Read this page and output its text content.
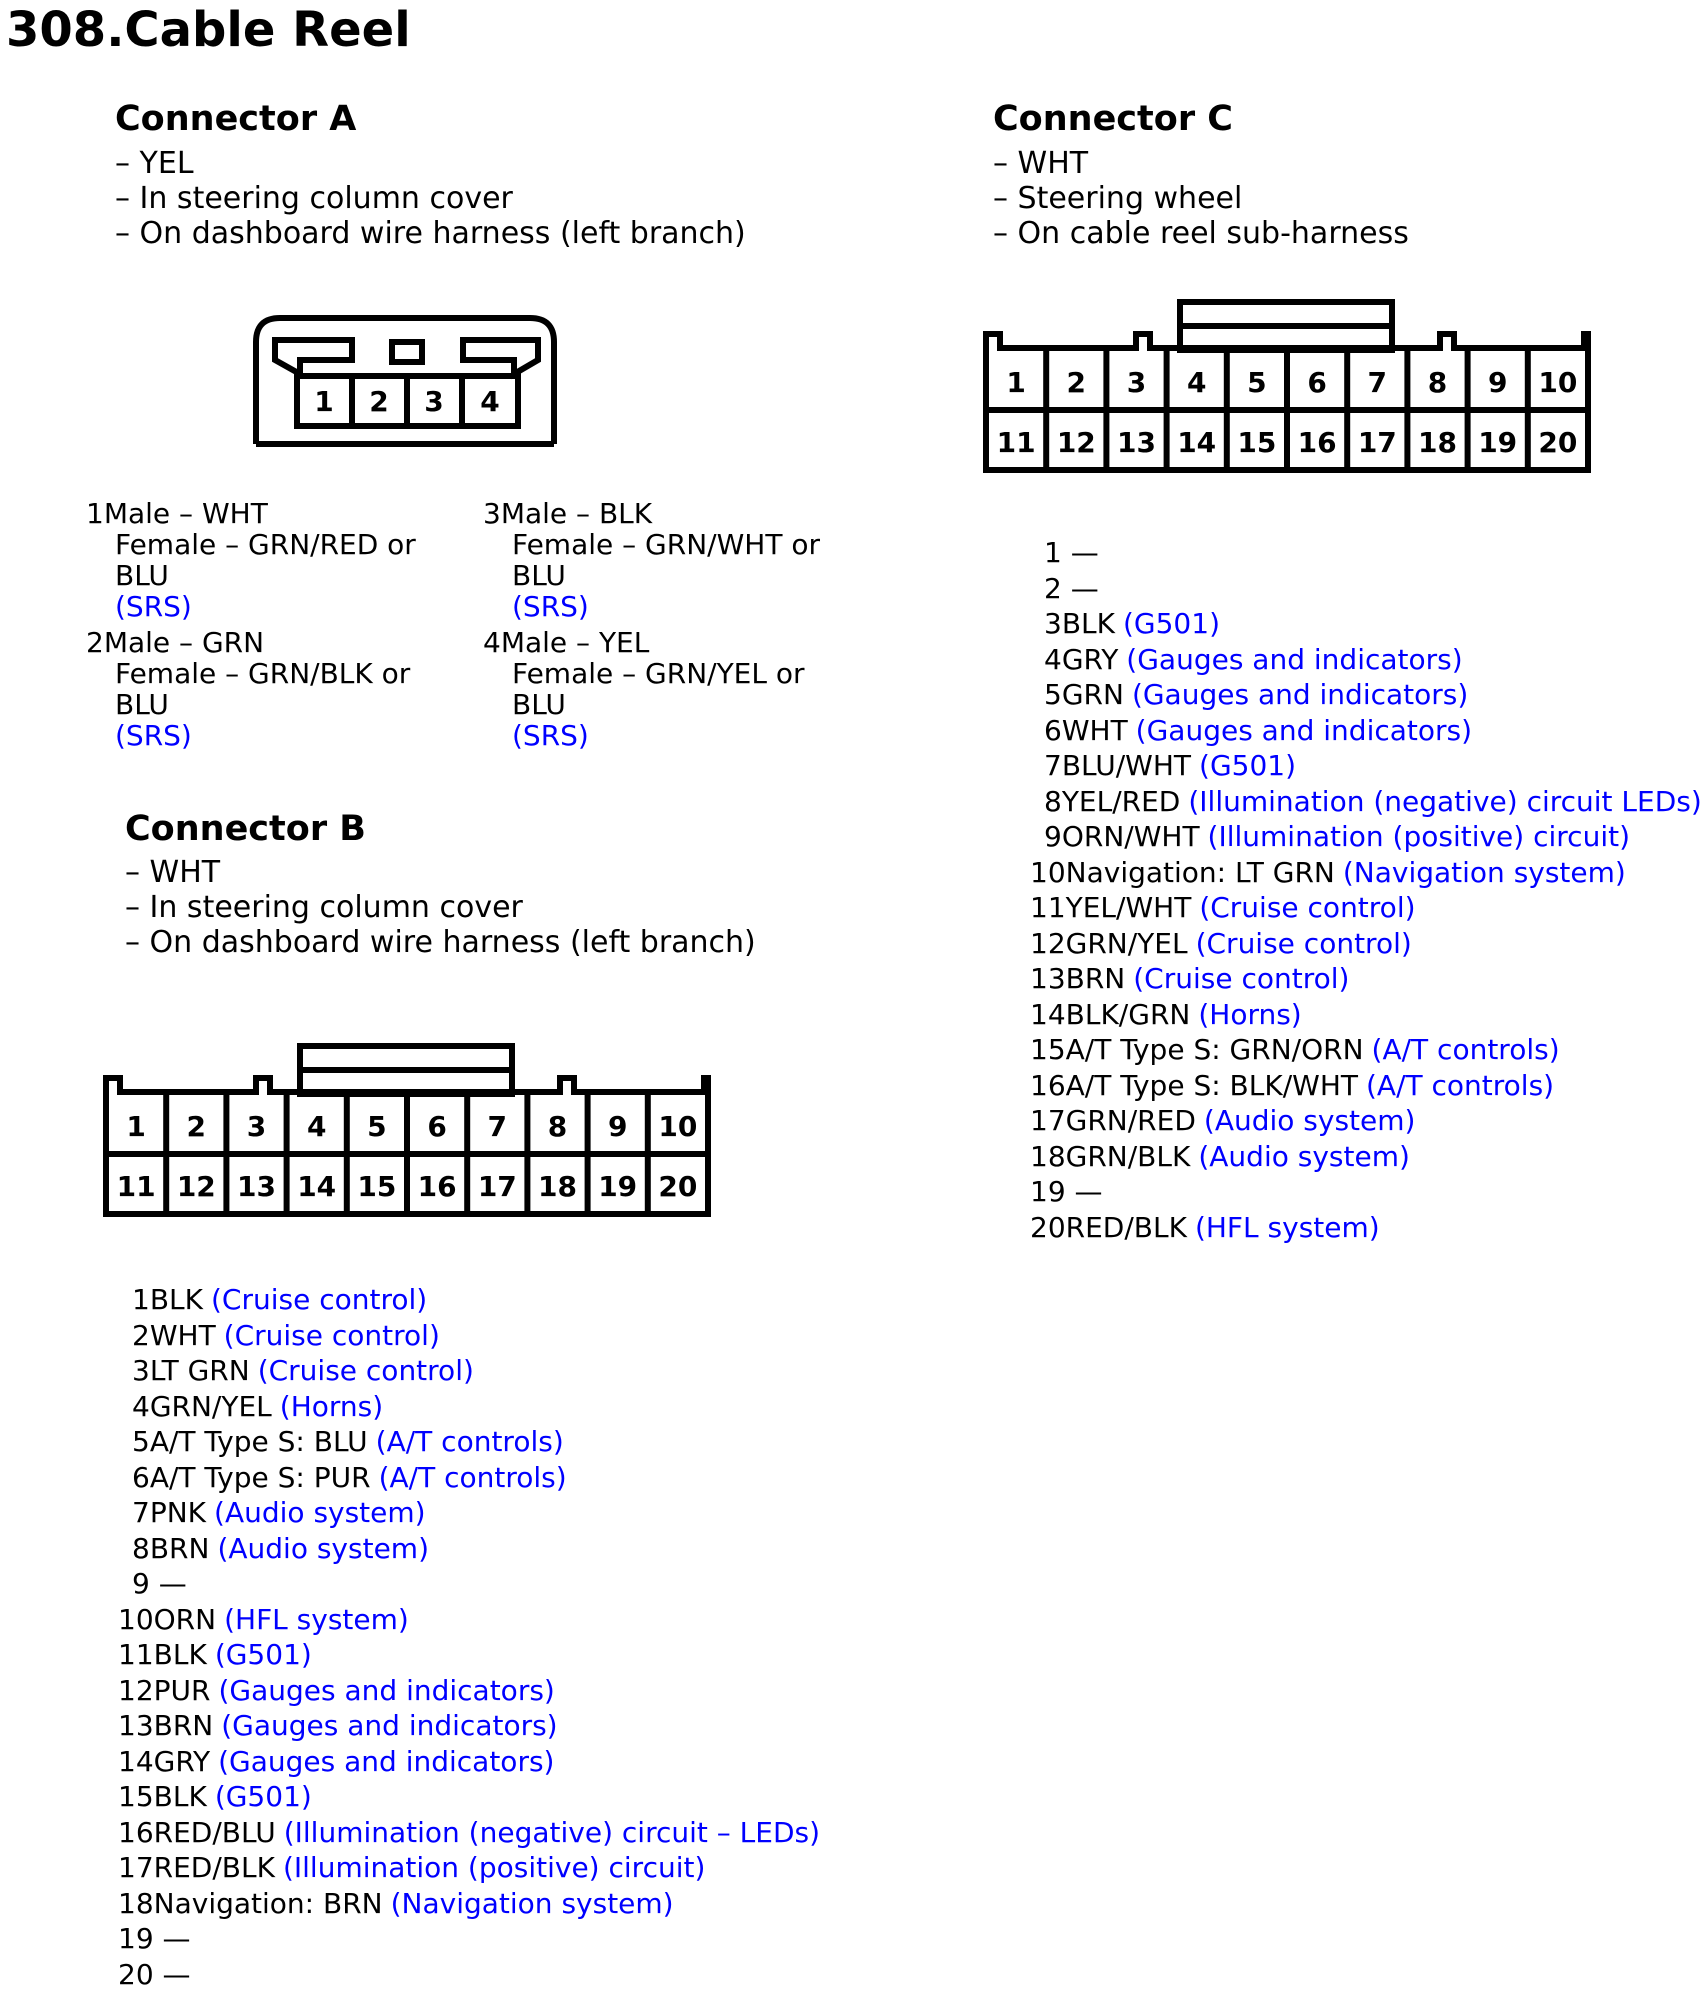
308.Cable Reel
Connector A
– YEL
– In steering column cover
– On dashboard wire harness (left branch)
1 2 3 4
1Male – WHT
Female – GRN/RED or
BLU
(SRS)
2Male – GRN
Female – GRN/BLK or
BLU
(SRS)
3Male – BLK
Female – GRN/WHT or
BLU
(SRS)
4Male – YEL
Female – GRN/YEL or
BLU
(SRS)
Connector B
– WHT
– In steering column cover
– On dashboard wire harness (left branch)
1 2 3 4 5 6 7 8 9 10
11 12 13 14 15 16 17 18 19 20
1BLK (Cruise control)
2WHT (Cruise control)
3LT GRN (Cruise control)
4GRN/YEL (Horns)
5A/T Type S: BLU (A/T controls)
6A/T Type S: PUR (A/T controls)
7PNK (Audio system)
8BRN (Audio system)
9 —
10ORN (HFL system)
11BLK (G501)
12PUR (Gauges and indicators)
13BRN (Gauges and indicators)
14GRY (Gauges and indicators)
15BLK (G501)
16RED/BLU (Illumination (negative) circuit – LEDs)
17RED/BLK (Illumination (positive) circuit)
18Navigation: BRN (Navigation system)
19 —
20 —
Connector C
– WHT
– Steering wheel
– On cable reel sub-harness
1 2 3 4 5 6 7 8 9 10
11 12 13 14 15 16 17 18 19 20
1 —
2 —
3BLK (G501)
4GRY (Gauges and indicators)
5GRN (Gauges and indicators)
6WHT (Gauges and indicators)
7BLU/WHT (G501)
8YEL/RED (Illumination (negative) circuit LEDs)
9ORN/WHT (Illumination (positive) circuit)
10Navigation: LT GRN (Navigation system)
11YEL/WHT (Cruise control)
12GRN/YEL (Cruise control)
13BRN (Cruise control)
14BLK/GRN (Horns)
15A/T Type S: GRN/ORN (A/T controls)
16A/T Type S: BLK/WHT (A/T controls)
17GRN/RED (Audio system)
18GRN/BLK (Audio system)
19 —
20RED/BLK (HFL system)
